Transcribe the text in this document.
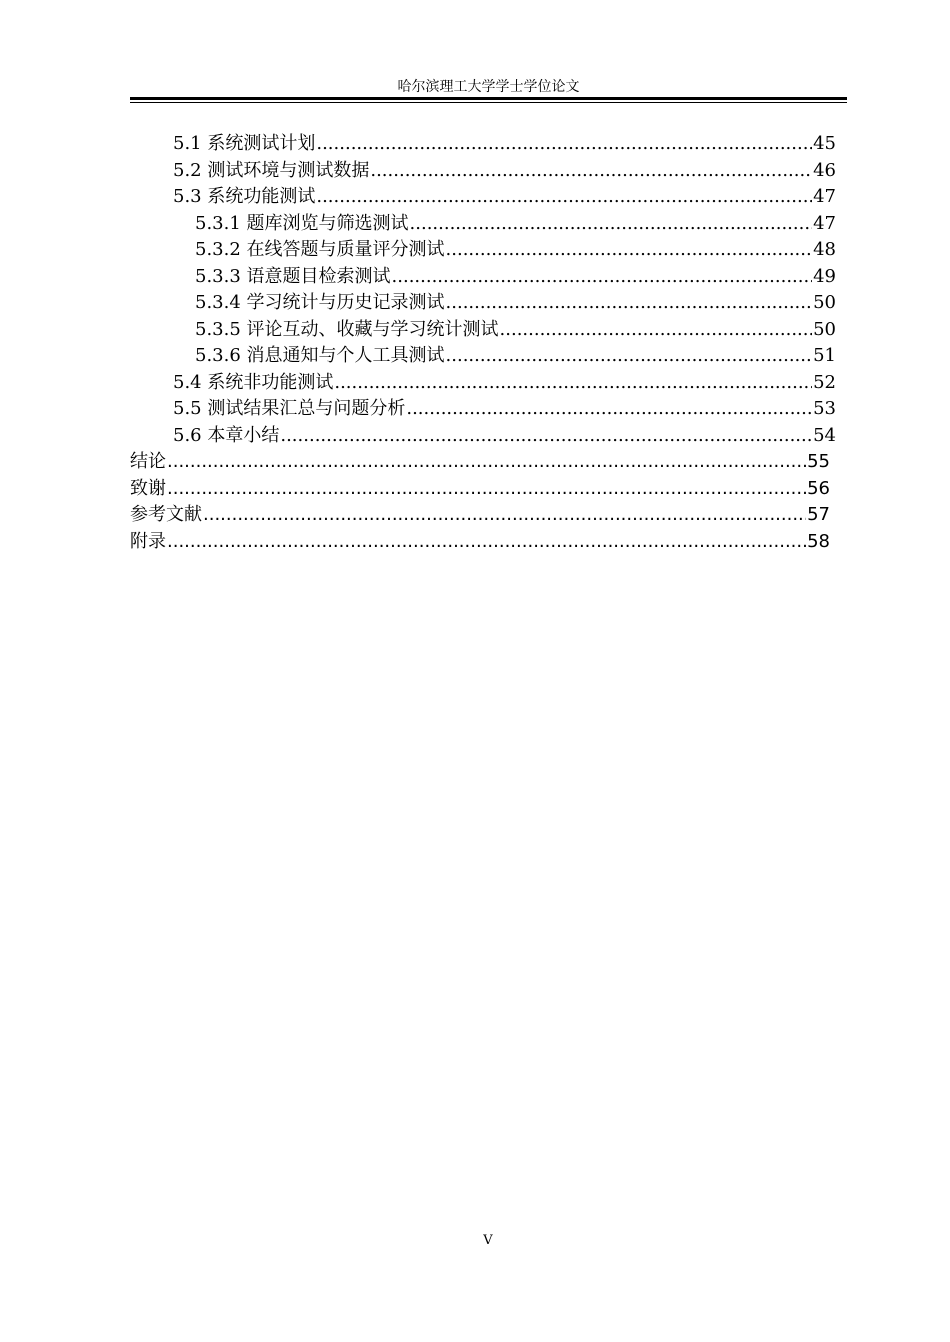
哈尔滨理工大学学士学位论文
5.1 系统测试计划 .....	45
5.2 测试环境与测试数据 .....	46
5.3 系统功能测试 .....	47
5.3.1 题库浏览与筛选测试 .....	47
5.3.2 在线答题与质量评分测试 .....	48
5.3.3 语意题目检索测试 .....	49
5.3.4 学习统计与历史记录测试 .....	50
5.3.5 评论互动、收藏与学习统计测试 .....	50
5.3.6 消息通知与个人工具测试 .....	51
5.4 系统非功能测试 .....	52
5.5 测试结果汇总与问题分析 .....	53
5.6 本章小结 .....	54
结论 .....	55
致谢 .....	56
参考文献 .....	57
附录 .....	58
V
